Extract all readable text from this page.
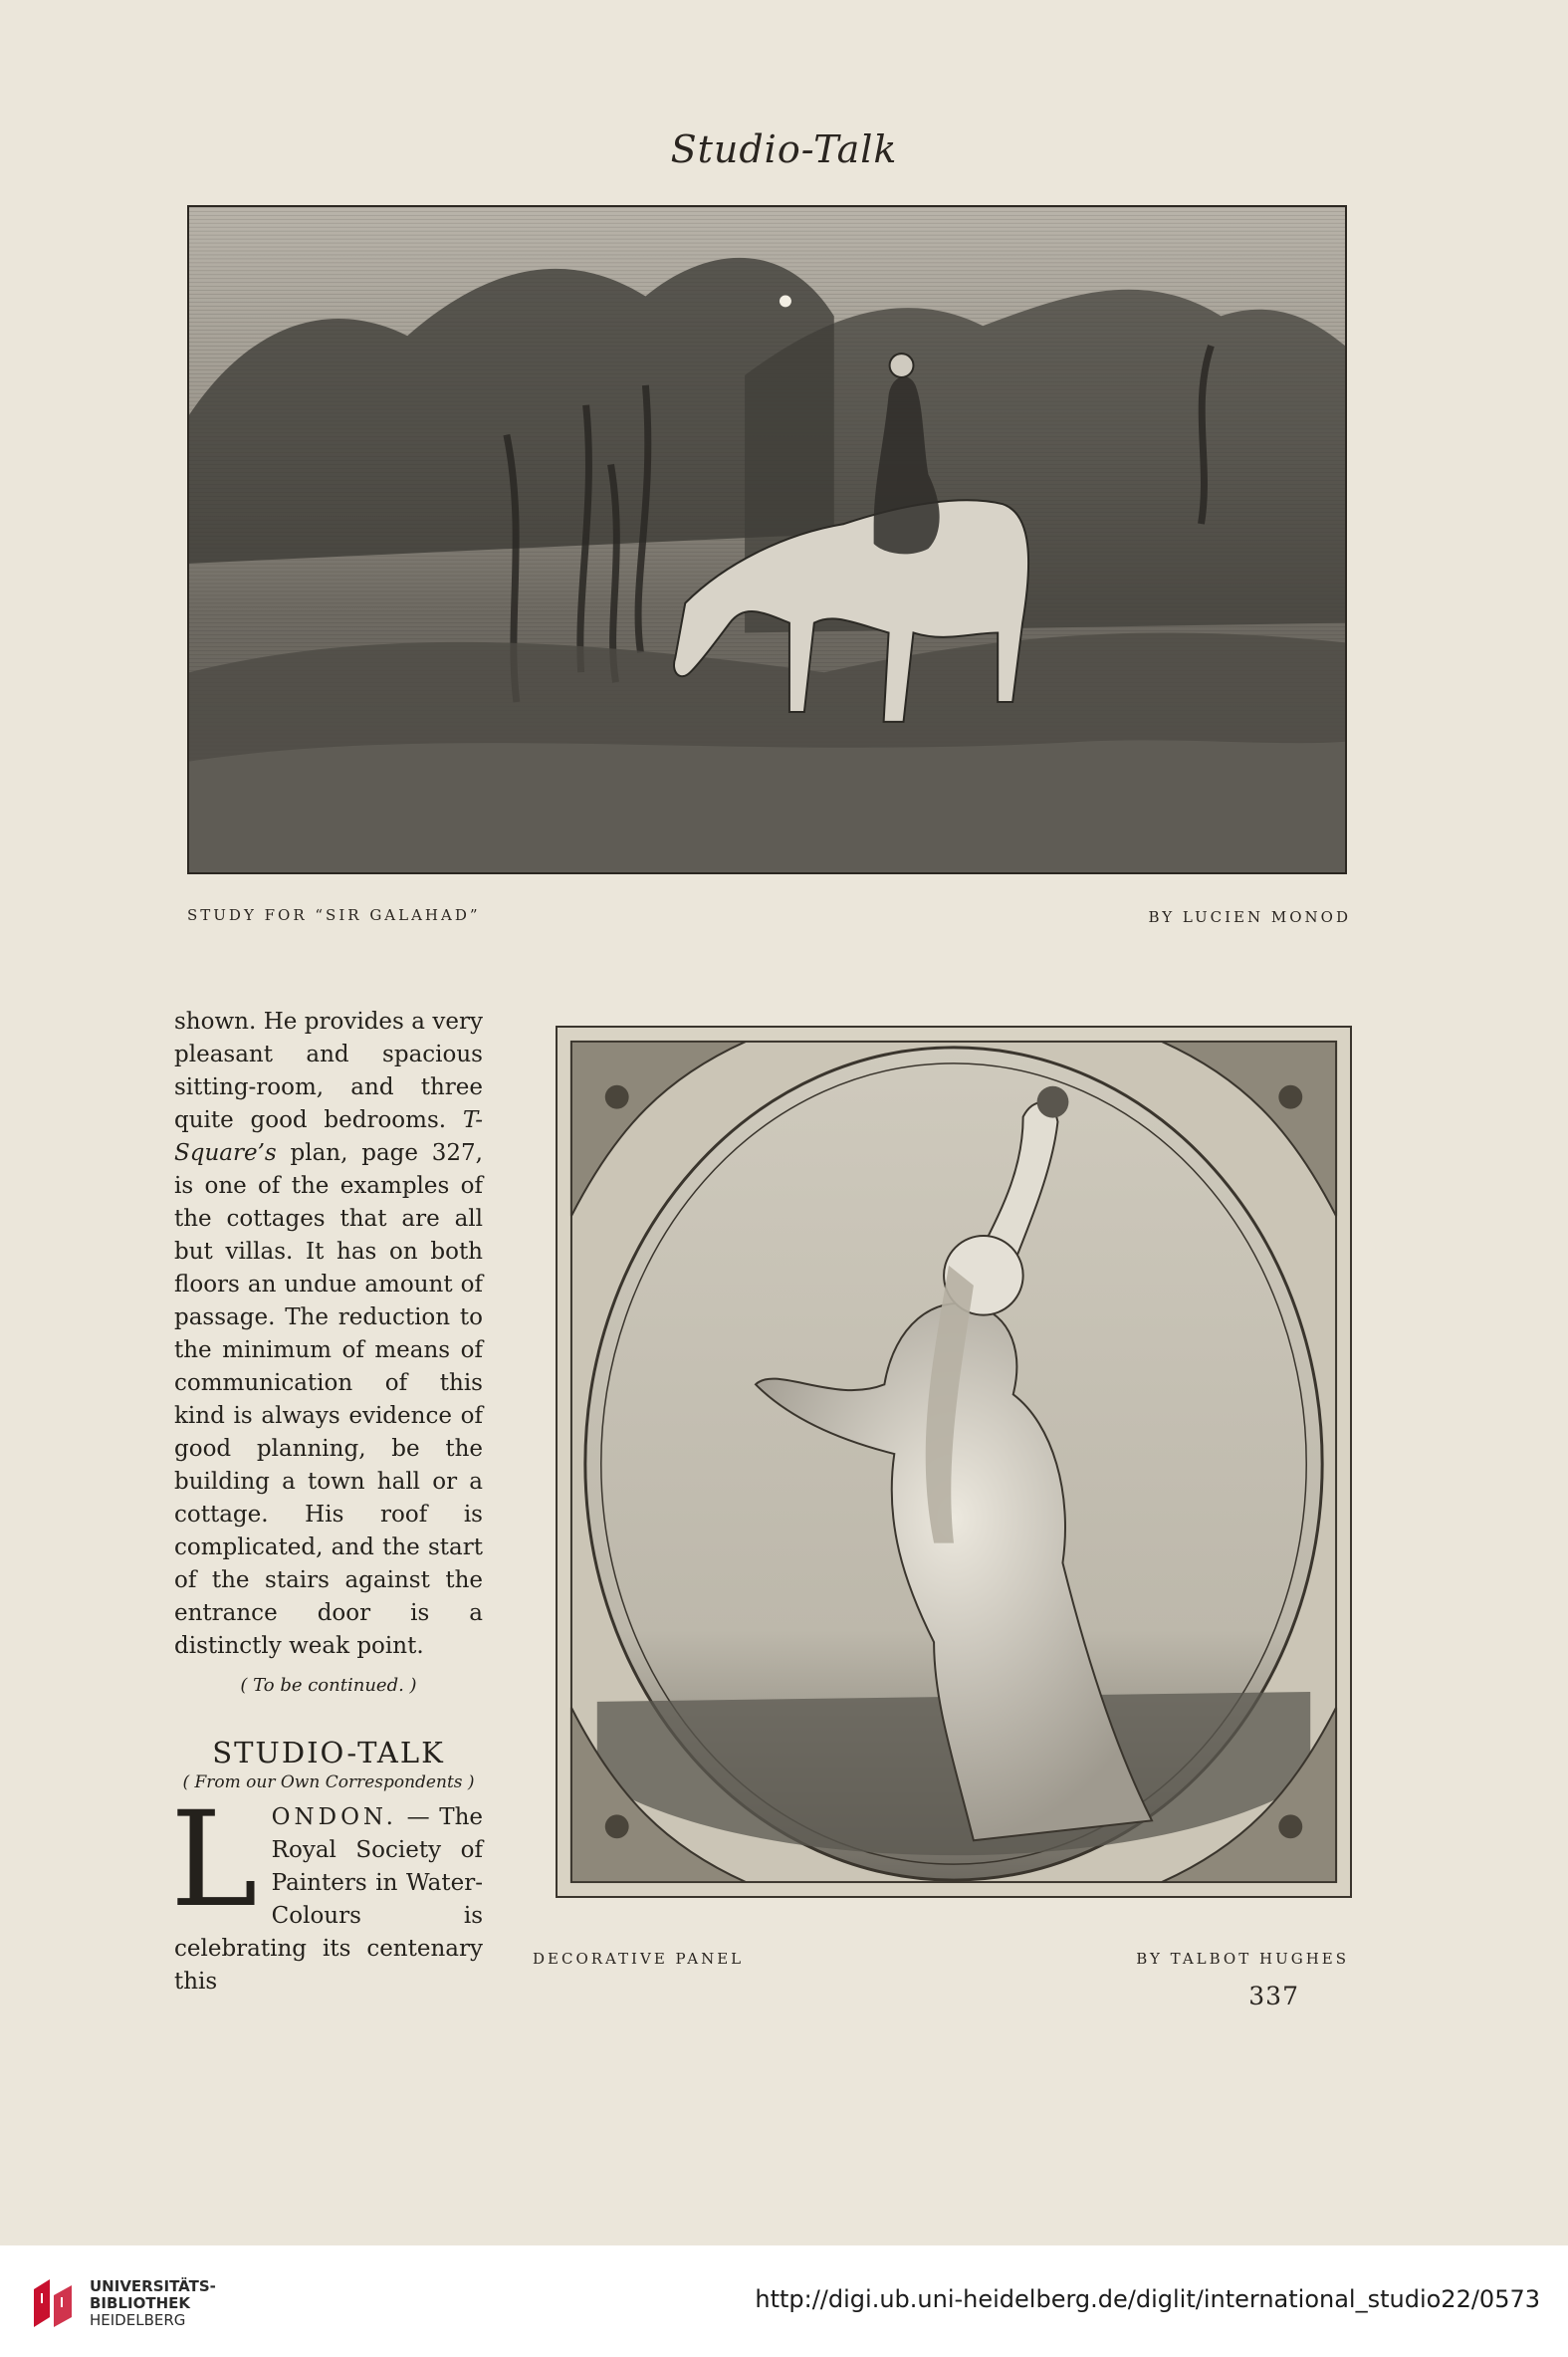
Studio-Talk
STUDY FOR “SIR GALAHAD”	BY LUCIEN MONOD

shown. He provides a very pleasant and spacious sitting-room, and three quite good bedrooms. T-Square’s plan, page 327, is one of the examples of the cottages that are all but villas. It has on both floors an undue amount of passage. The reduction to the minimum of means of communication of this kind is always evidence of good planning, be the building a town hall or a cottage. His roof is complicated, and the start of the stairs against the entrance door is a distinctly weak point.

( To be continued. )

STUDIO-TALK

( From our Own Correspondents )

L ONDON. — The Royal Society of Painters in Water-Colours is celebrating its centenary this

DECORATIVE PANEL	BY TALBOT HUGHES
337
UNIVERSITÄTS-
BIBLIOTHEK
HEIDELBERG
http://digi.ub.uni-heidelberg.de/diglit/international_studio22/0573
